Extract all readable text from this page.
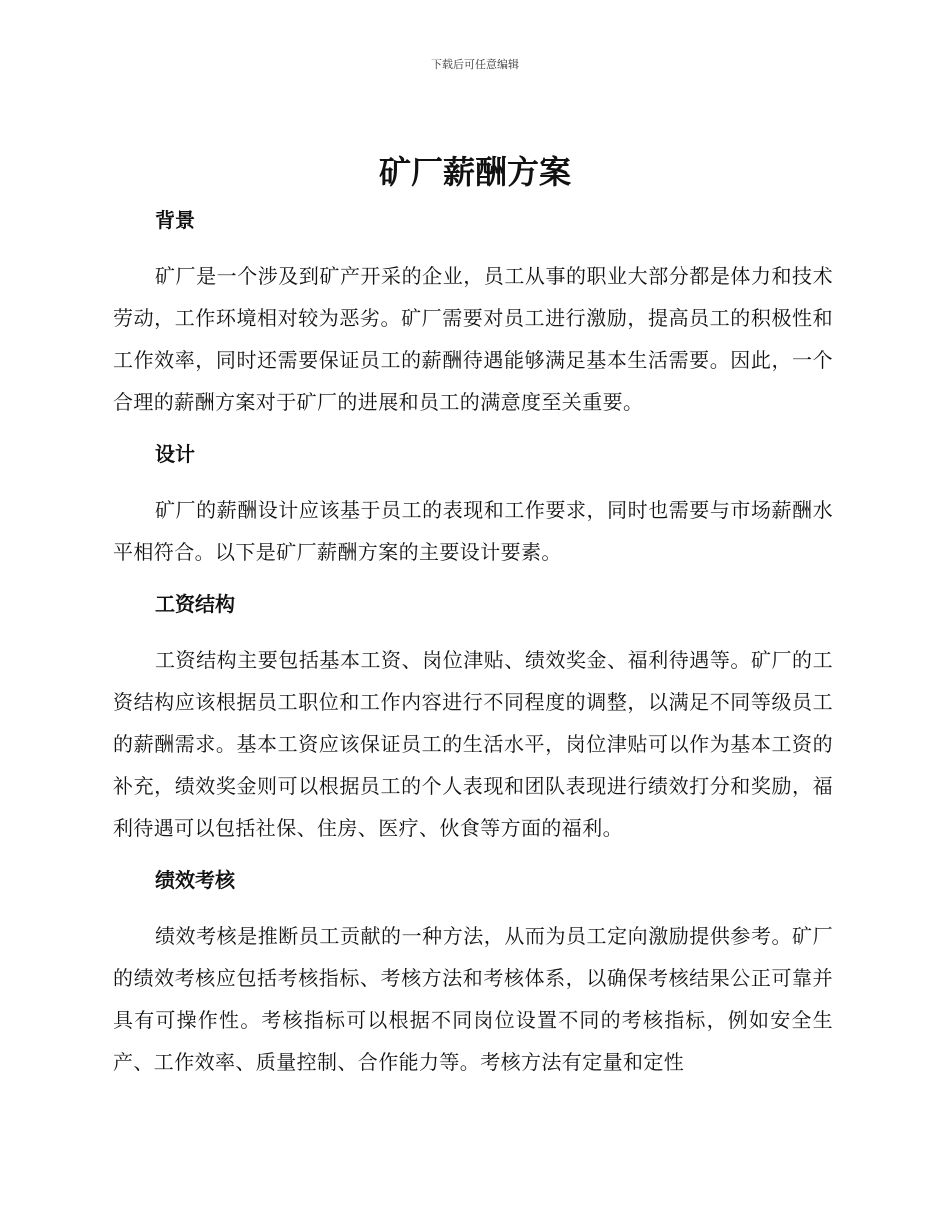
下载后可任意编辑
矿厂薪酬方案
背景

矿厂是一个涉及到矿产开采的企业，员工从事的职业大部分都是体力和技术劳动，工作环境相对较为恶劣。矿厂需要对员工进行激励，提高员工的积极性和工作效率，同时还需要保证员工的薪酬待遇能够满足基本生活需要。因此，一个合理的薪酬方案对于矿厂的进展和员工的满意度至关重要。

设计

矿厂的薪酬设计应该基于员工的表现和工作要求，同时也需要与市场薪酬水平相符合。以下是矿厂薪酬方案的主要设计要素。

工资结构

工资结构主要包括基本工资、岗位津贴、绩效奖金、福利待遇等。矿厂的工资结构应该根据员工职位和工作内容进行不同程度的调整，以满足不同等级员工的薪酬需求。基本工资应该保证员工的生活水平，岗位津贴可以作为基本工资的补充，绩效奖金则可以根据员工的个人表现和团队表现进行绩效打分和奖励，福利待遇可以包括社保、住房、医疗、伙食等方面的福利。

绩效考核

绩效考核是推断员工贡献的一种方法，从而为员工定向激励提供参考。矿厂的绩效考核应包括考核指标、考核方法和考核体系，以确保考核结果公正可靠并具有可操作性。考核指标可以根据不同岗位设置不同的考核指标，例如安全生产、工作效率、质量控制、合作能力等。考核方法有定量和定性
